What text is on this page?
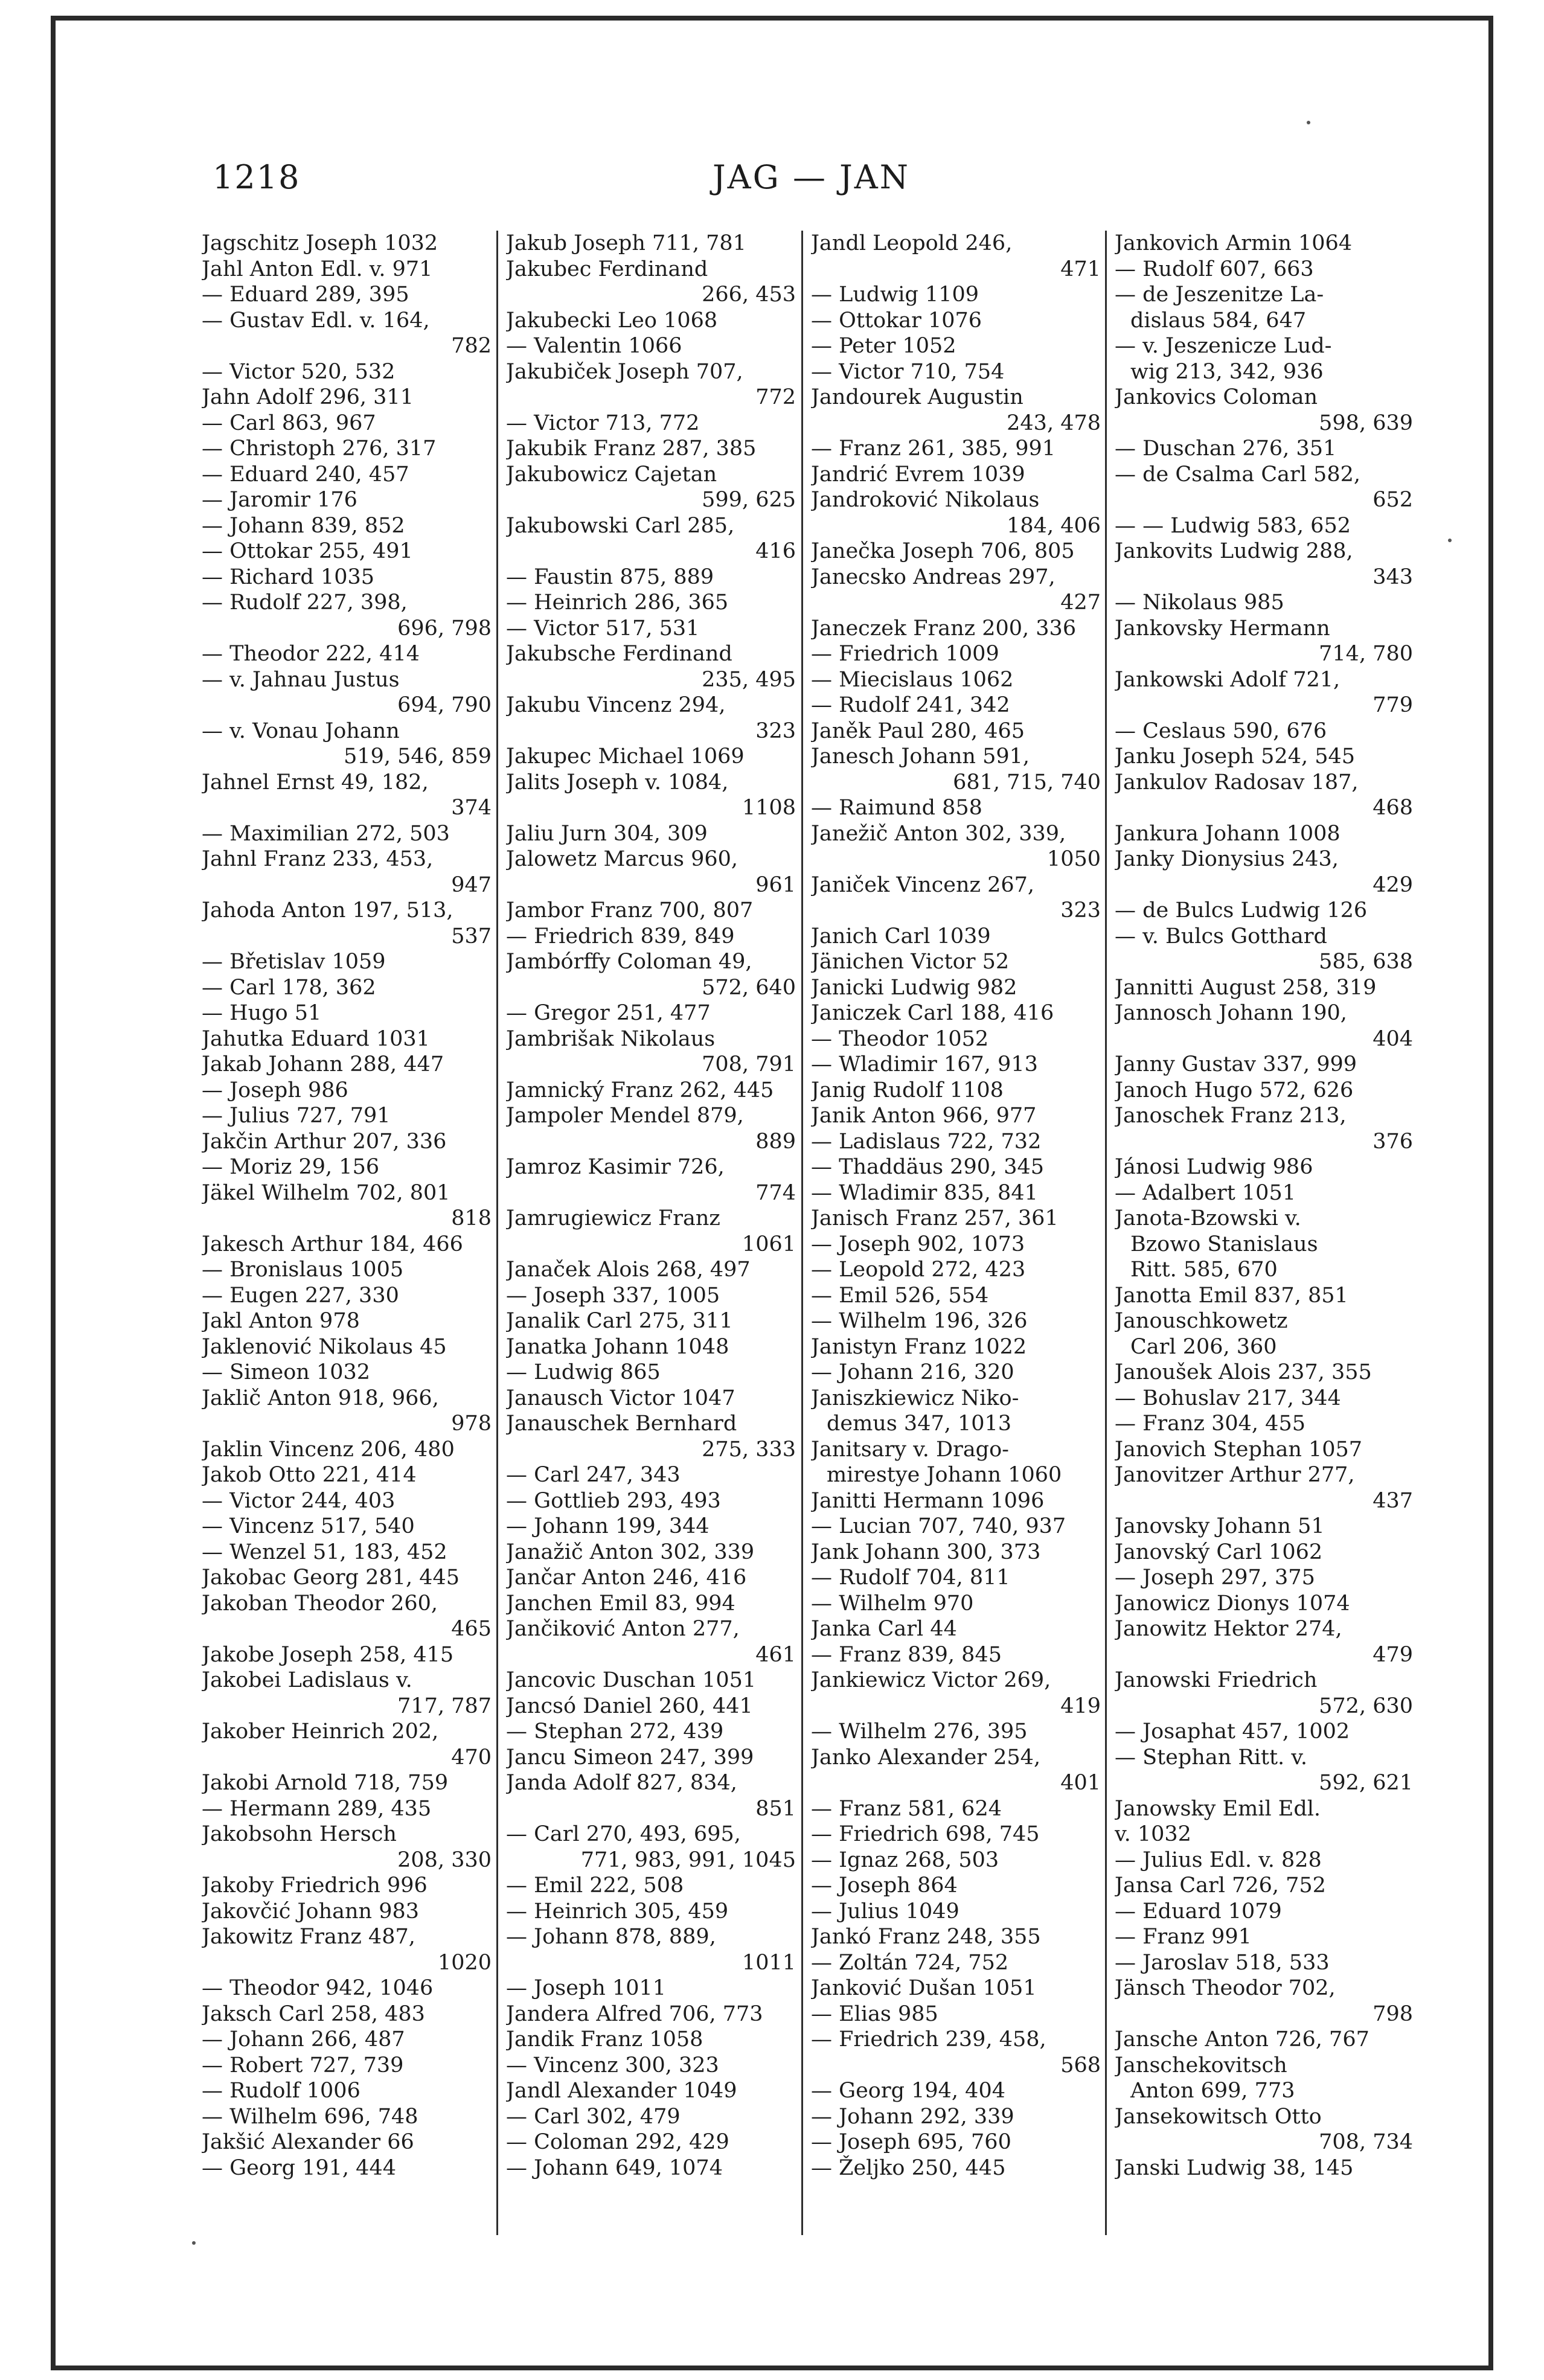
1218	JAG — JAN
Jagschitz Joseph 1032
Jahl Anton Edl. v. 971
— Eduard 289, 395
— Gustav Edl. v. 164,
782
— Victor 520, 532
Jahn Adolf 296, 311
— Carl 863, 967
— Christoph 276, 317
— Eduard 240, 457
— Jaromir 176
— Johann 839, 852
— Ottokar 255, 491
— Richard 1035
— Rudolf 227, 398,
696, 798
— Theodor 222, 414
— v. Jahnau Justus
694, 790
— v. Vonau Johann
519, 546, 859
Jahnel Ernst 49, 182,
374
— Maximilian 272, 503
Jahnl Franz 233, 453,
947
Jahoda Anton 197, 513,
537
— Břetislav 1059
— Carl 178, 362
— Hugo 51
Jahutka Eduard 1031
Jakab Johann 288, 447
— Joseph 986
— Julius 727, 791
Jakčin Arthur 207, 336
— Moriz 29, 156
Jäkel Wilhelm 702, 801
818
Jakesch Arthur 184, 466
— Bronislaus 1005
— Eugen 227, 330
Jakl Anton 978
Jaklenović Nikolaus 45
— Simeon 1032
Jaklič Anton 918, 966,
978
Jaklin Vincenz 206, 480
Jakob Otto 221, 414
— Victor 244, 403
— Vincenz 517, 540
— Wenzel 51, 183, 452
Jakobac Georg 281, 445
Jakoban Theodor 260,
465
Jakobe Joseph 258, 415
Jakobei Ladislaus v.
717, 787
Jakober Heinrich 202,
470
Jakobi Arnold 718, 759
— Hermann 289, 435
Jakobsohn Hersch
208, 330
Jakoby Friedrich 996
Jakovčić Johann 983
Jakowitz Franz 487,
1020
— Theodor 942, 1046
Jaksch Carl 258, 483
— Johann 266, 487
— Robert 727, 739
— Rudolf 1006
— Wilhelm 696, 748
Jakšić Alexander 66
— Georg 191, 444
Jakub Joseph 711, 781
Jakubec Ferdinand
266, 453
Jakubecki Leo 1068
— Valentin 1066
Jakubiček Joseph 707,
772
— Victor 713, 772
Jakubik Franz 287, 385
Jakubowicz Cajetan
599, 625
Jakubowski Carl 285,
416
— Faustin 875, 889
— Heinrich 286, 365
— Victor 517, 531
Jakubsche Ferdinand
235, 495
Jakubu Vincenz 294,
323
Jakupec Michael 1069
Jalits Joseph v. 1084,
1108
Jaliu Jurn 304, 309
Jalowetz Marcus 960,
961
Jambor Franz 700, 807
— Friedrich 839, 849
Jambórffy Coloman 49,
572, 640
— Gregor 251, 477
Jambrišak Nikolaus
708, 791
Jamnický Franz 262, 445
Jampoler Mendel 879,
889
Jamroz Kasimir 726,
774
Jamrugiewicz Franz
1061
Janaček Alois 268, 497
— Joseph 337, 1005
Janalik Carl 275, 311
Janatka Johann 1048
— Ludwig 865
Janausch Victor 1047
Janauschek Bernhard
275, 333
— Carl 247, 343
— Gottlieb 293, 493
— Johann 199, 344
Janažič Anton 302, 339
Jančar Anton 246, 416
Janchen Emil 83, 994
Jančiković Anton 277,
461
Jancovic Duschan 1051
Jancsó Daniel 260, 441
— Stephan 272, 439
Jancu Simeon 247, 399
Janda Adolf 827, 834,
851
— Carl 270, 493, 695,
771, 983, 991, 1045
— Emil 222, 508
— Heinrich 305, 459
— Johann 878, 889,
1011
— Joseph 1011
Jandera Alfred 706, 773
Jandik Franz 1058
— Vincenz 300, 323
Jandl Alexander 1049
— Carl 302, 479
— Coloman 292, 429
— Johann 649, 1074
Jandl Leopold 246,
471
— Ludwig 1109
— Ottokar 1076
— Peter 1052
— Victor 710, 754
Jandourek Augustin
243, 478
— Franz 261, 385, 991
Jandrić Evrem 1039
Jandroković Nikolaus
184, 406
Janečka Joseph 706, 805
Janecsko Andreas 297,
427
Janeczek Franz 200, 336
— Friedrich 1009
— Miecislaus 1062
— Rudolf 241, 342
Janěk Paul 280, 465
Janesch Johann 591,
681, 715, 740
— Raimund 858
Janežič Anton 302, 339,
1050
Janiček Vincenz 267,
323
Janich Carl 1039
Jänichen Victor 52
Janicki Ludwig 982
Janiczek Carl 188, 416
— Theodor 1052
— Wladimir 167, 913
Janig Rudolf 1108
Janik Anton 966, 977
— Ladislaus 722, 732
— Thaddäus 290, 345
— Wladimir 835, 841
Janisch Franz 257, 361
— Joseph 902, 1073
— Leopold 272, 423
— Emil 526, 554
— Wilhelm 196, 326
Janistyn Franz 1022
— Johann 216, 320
Janiszkiewicz Niko-
demus 347, 1013
Janitsary v. Drago-
mirestye Johann 1060
Janitti Hermann 1096
— Lucian 707, 740, 937
Jank Johann 300, 373
— Rudolf 704, 811
— Wilhelm 970
Janka Carl 44
— Franz 839, 845
Jankiewicz Victor 269,
419
— Wilhelm 276, 395
Janko Alexander 254,
401
— Franz 581, 624
— Friedrich 698, 745
— Ignaz 268, 503
— Joseph 864
— Julius 1049
Jankó Franz 248, 355
— Zoltán 724, 752
Janković Dušan 1051
— Elias 985
— Friedrich 239, 458,
568
— Georg 194, 404
— Johann 292, 339
— Joseph 695, 760
— Željko 250, 445
Jankovich Armin 1064
— Rudolf 607, 663
— de Jeszenitze La-
dislaus 584, 647
— v. Jeszenicze Lud-
wig 213, 342, 936
Jankovics Coloman
598, 639
— Duschan 276, 351
— de Csalma Carl 582,
652
— — Ludwig 583, 652
Jankovits Ludwig 288,
343
— Nikolaus 985
Jankovsky Hermann
714, 780
Jankowski Adolf 721,
779
— Ceslaus 590, 676
Janku Joseph 524, 545
Jankulov Radosav 187,
468
Jankura Johann 1008
Janky Dionysius 243,
429
— de Bulcs Ludwig 126
— v. Bulcs Gotthard
585, 638
Jannitti August 258, 319
Jannosch Johann 190,
404
Janny Gustav 337, 999
Janoch Hugo 572, 626
Janoschek Franz 213,
376
Jánosi Ludwig 986
— Adalbert 1051
Janota-Bzowski v.
Bzowo Stanislaus
Ritt. 585, 670
Janotta Emil 837, 851
Janouschkowetz
Carl 206, 360
Janoušek Alois 237, 355
— Bohuslav 217, 344
— Franz 304, 455
Janovich Stephan 1057
Janovitzer Arthur 277,
437
Janovsky Johann 51
Janovský Carl 1062
— Joseph 297, 375
Janowicz Dionys 1074
Janowitz Hektor 274,
479
Janowski Friedrich
572, 630
— Josaphat 457, 1002
— Stephan Ritt. v.
592, 621
Janowsky Emil Edl.
v. 1032
— Julius Edl. v. 828
Jansa Carl 726, 752
— Eduard 1079
— Franz 991
— Jaroslav 518, 533
Jänsch Theodor 702,
798
Jansche Anton 726, 767
Janschekovitsch
Anton 699, 773
Jansekowitsch Otto
708, 734
Janski Ludwig 38, 145
